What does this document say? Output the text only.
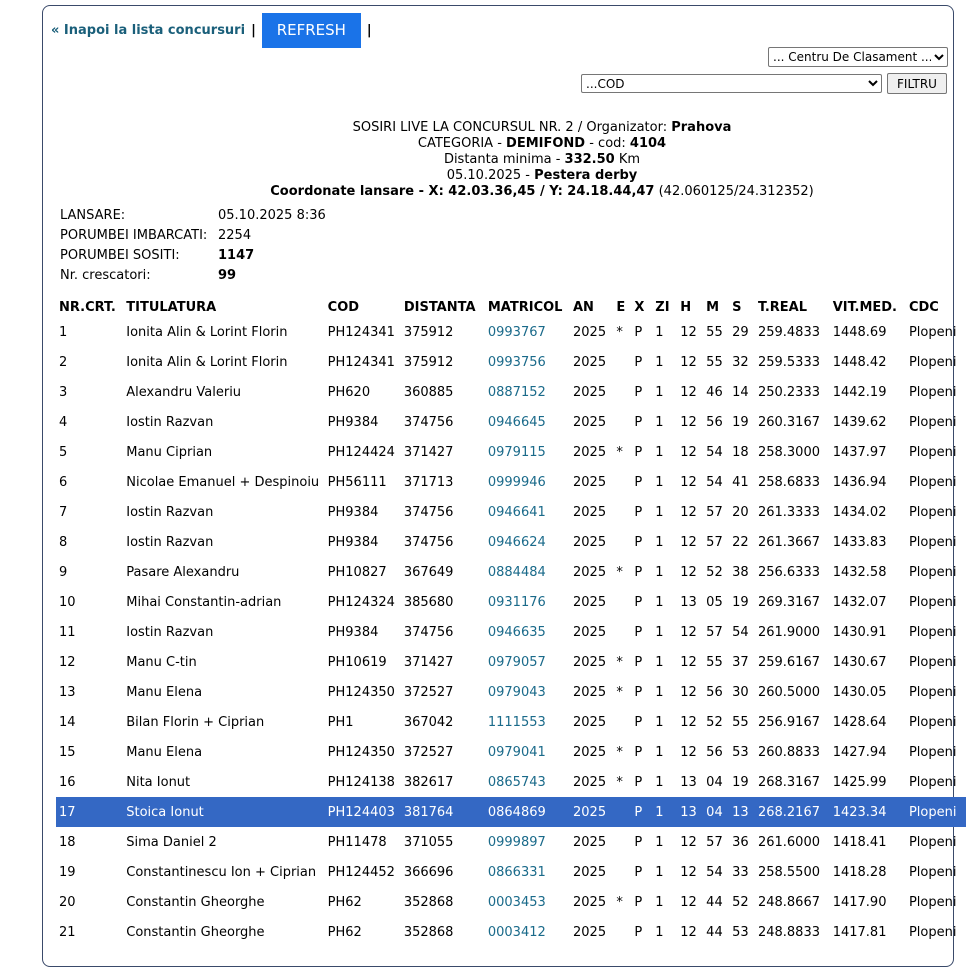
« Inapoi la lista concursuri |	REFRESH	|
... Centru De Clasament ...
...COD
FILTRU
SOSIRI LIVE LA CONCURSUL NR. 2 / Organizator: Prahova
CATEGORIA - DEMIFOND - cod: 4104
Distanta minima - 332.50 Km
05.10.2025 - Pestera derby
Coordonate lansare - X: 42.03.36,45 / Y: 24.18.44,47 (42.060125/24.312352)
LANSARE:	05.10.2025 8:36
PORUMBEI IMBARCATI: 2254
PORUMBEI SOSITI:	1147
Nr. crescatori:	99
NR.CRT.	TITULATURA	COD	DISTANTA	MATRICOL	AN	E	X	ZI	H	M	S	T.REAL	VIT.MED.	CDC
1	Ionita Alin & Lorint Florin	PH124341	375912	0993767	2025	*	P	1	12	55	29	259.4833	1448.69	Plopeni
2	Ionita Alin & Lorint Florin	PH124341	375912	0993756	2025		P	1	12	55	32	259.5333	1448.42	Plopeni
3	Alexandru Valeriu	PH620	360885	0887152	2025		P	1	12	46	14	250.2333	1442.19	Plopeni
4	Iostin Razvan	PH9384	374756	0946645	2025		P	1	12	56	19	260.3167	1439.62	Plopeni
5	Manu Ciprian	PH124424	371427	0979115	2025	*	P	1	12	54	18	258.3000	1437.97	Plopeni
6	Nicolae Emanuel + Despinoiu	PH56111	371713	0999946	2025		P	1	12	54	41	258.6833	1436.94	Plopeni
7	Iostin Razvan	PH9384	374756	0946641	2025		P	1	12	57	20	261.3333	1434.02	Plopeni
8	Iostin Razvan	PH9384	374756	0946624	2025		P	1	12	57	22	261.3667	1433.83	Plopeni
9	Pasare Alexandru	PH10827	367649	0884484	2025	*	P	1	12	52	38	256.6333	1432.58	Plopeni
10	Mihai Constantin-adrian	PH124324	385680	0931176	2025		P	1	13	05	19	269.3167	1432.07	Plopeni
11	Iostin Razvan	PH9384	374756	0946635	2025		P	1	12	57	54	261.9000	1430.91	Plopeni
12	Manu C-tin	PH10619	371427	0979057	2025	*	P	1	12	55	37	259.6167	1430.67	Plopeni
13	Manu Elena	PH124350	372527	0979043	2025	*	P	1	12	56	30	260.5000	1430.05	Plopeni
14	Bilan Florin + Ciprian	PH1	367042	1111553	2025		P	1	12	52	55	256.9167	1428.64	Plopeni
15	Manu Elena	PH124350	372527	0979041	2025	*	P	1	12	56	53	260.8833	1427.94	Plopeni
16	Nita Ionut	PH124138	382617	0865743	2025	*	P	1	13	04	19	268.3167	1425.99	Plopeni
17	Stoica Ionut	PH124403	381764	0864869	2025		P	1	13	04	13	268.2167	1423.34	Plopeni
18	Sima Daniel 2	PH11478	371055	0999897	2025		P	1	12	57	36	261.6000	1418.41	Plopeni
19	Constantinescu Ion + Ciprian	PH124452	366696	0866331	2025		P	1	12	54	33	258.5500	1418.28	Plopeni
20	Constantin Gheorghe	PH62	352868	0003453	2025	*	P	1	12	44	52	248.8667	1417.90	Plopeni
21	Constantin Gheorghe	PH62	352868	0003412	2025		P	1	12	44	53	248.8833	1417.81	Plopeni
